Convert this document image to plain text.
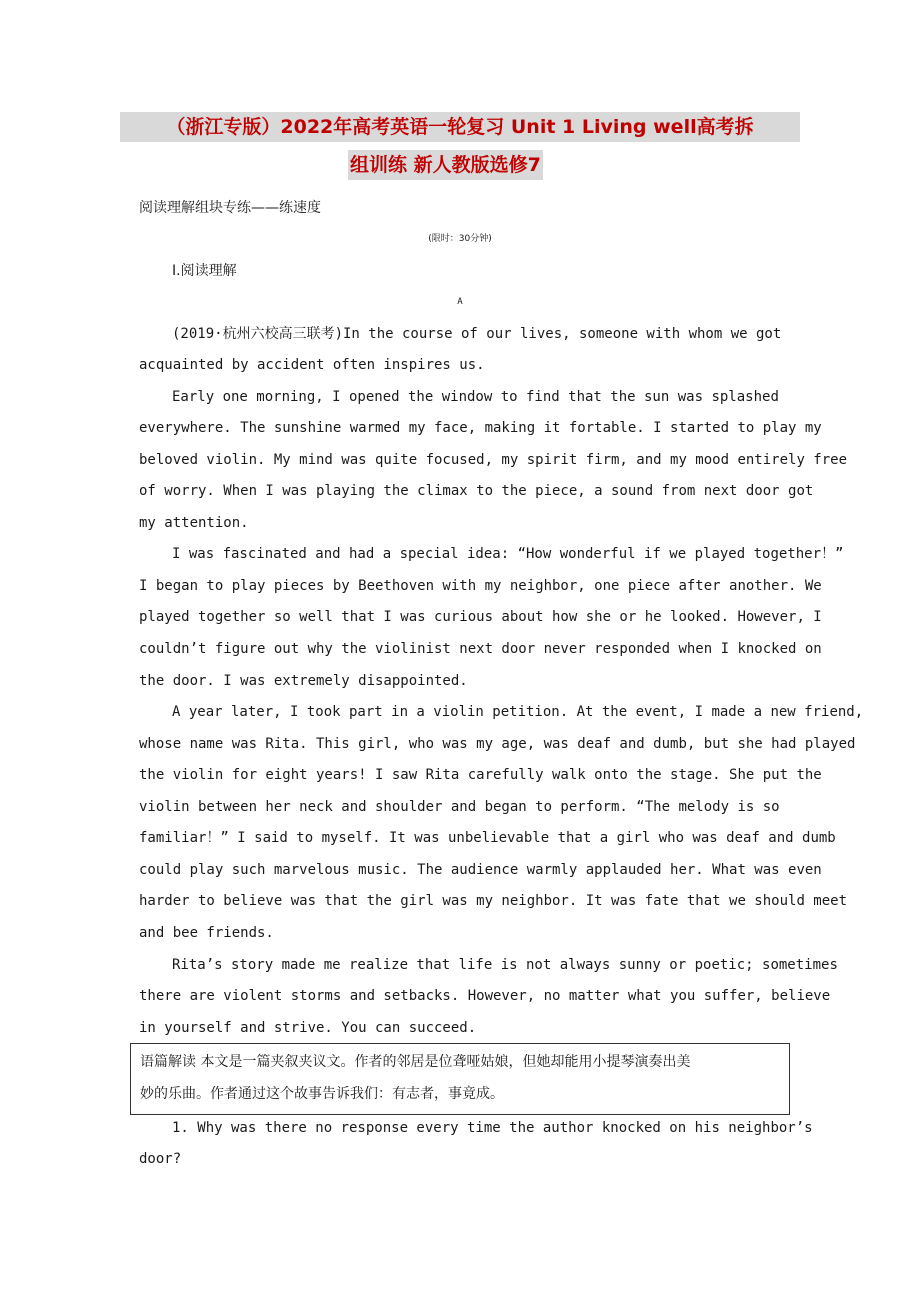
（浙江专版）2022年高考英语一轮复习 Unit 1 Living well高考拆
组训练 新人教版选修7
阅读理解组块专练——练速度
(限时：30分钟)
Ⅰ.阅读理解
A
(2019·杭州六校高三联考)In the course of our lives, someone with whom we got
acquainted by accident often inspires us.
Early one morning, I opened the window to find that the sun was splashed
everywhere. The sunshine warmed my face, making it fortable. I started to play my
beloved violin. My mind was quite focused, my spirit firm, and my mood entirely free
of worry. When I was playing the climax to the piece, a sound from next door got
my attention.
I was fascinated and had a special idea: “How wonderful if we played together！”
I began to play pieces by Beethoven with my neighbor, one piece after another. We
played together so well that I was curious about how she or he looked. However, I
couldn’t figure out why the violinist next door never responded when I knocked on
the door. I was extremely disappointed.
A year later, I took part in a violin petition. At the event, I made a new friend,
whose name was Rita. This girl, who was my age, was deaf and dumb, but she had played
the violin for eight years! I saw Rita carefully walk onto the stage. She put the
violin between her neck and shoulder and began to perform. “The melody is so
familiar！” I said to myself. It was unbelievable that a girl who was deaf and dumb
could play such marvelous music. The audience warmly applauded her. What was even
harder to believe was that the girl was my neighbor. It was fate that we should meet
and bee friends.
Rita’s story made me realize that life is not always sunny or poetic; sometimes
there are violent storms and setbacks. However, no matter what you suffer, believe
in yourself and strive. You can succeed.
语篇解读 本文是一篇夹叙夹议文。作者的邻居是位聋哑姑娘，但她却能用小提琴演奏出美
妙的乐曲。作者通过这个故事告诉我们：有志者，事竟成。
1. Why was there no response every time the author knocked on his neighbor’s
door?
